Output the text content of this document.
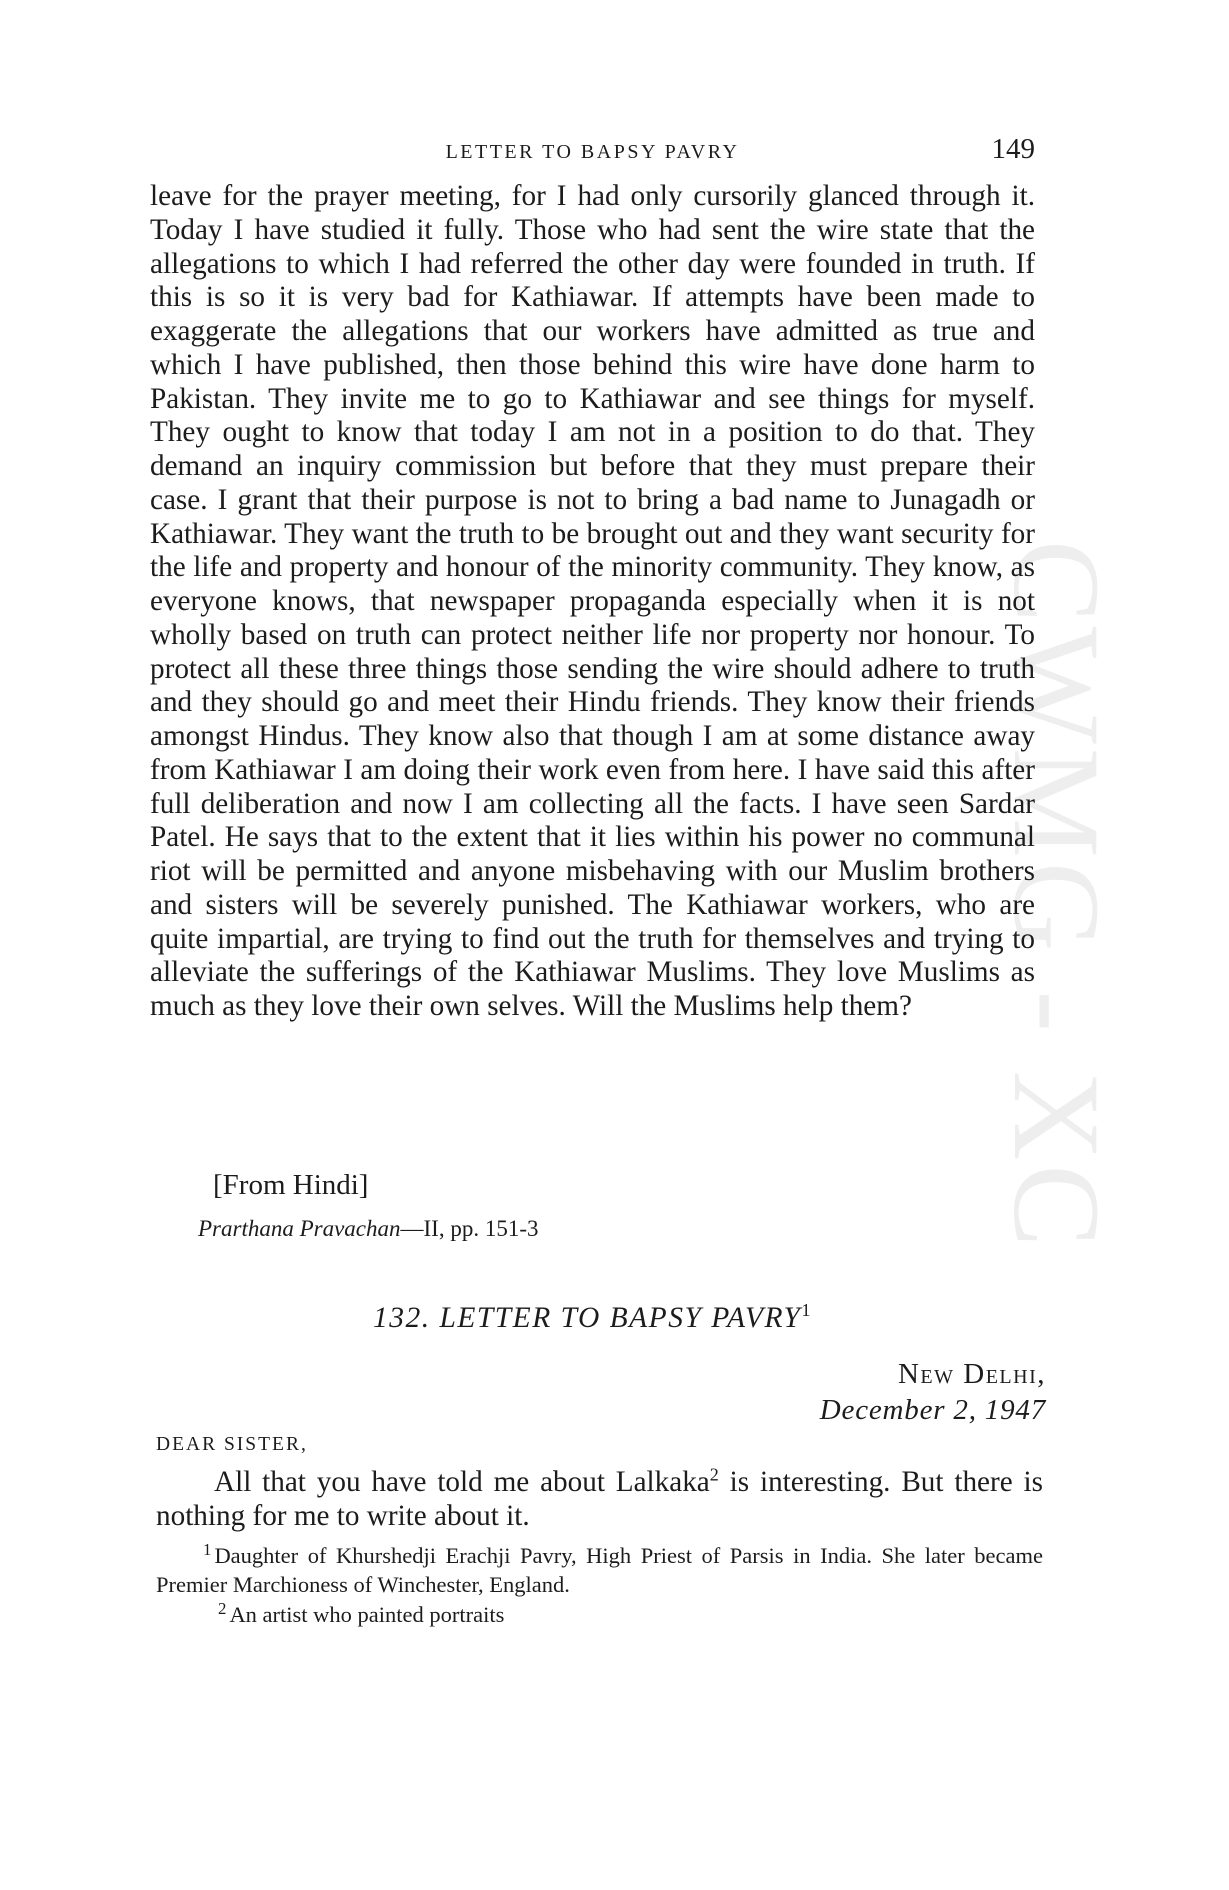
CWMG - XC
LETTER TO BAPSY PAVRY	149

leave for the prayer meeting, for I had only cursorily glanced through it. Today I have studied it fully. Those who had sent the wire state that the allegations to which I had referred the other day were founded in truth. If this is so it is very bad for Kathiawar. If attempts have been made to exaggerate the allegations that our workers have admitted as true and which I have published, then those behind this wire have done harm to Pakistan. They invite me to go to Kathiawar and see things for myself. They ought to know that today I am not in a position to do that. They demand an inquiry commission but before that they must prepare their case. I grant that their purpose is not to bring a bad name to Junagadh or Kathiawar. They want the truth to be brought out and they want security for the life and property and honour of the minority community. They know, as everyone knows, that newspaper propaganda especially when it is not wholly based on truth can protect neither life nor property nor honour. To protect all these three things those sending the wire should adhere to truth and they should go and meet their Hindu friends. They know their friends amongst Hindus. They know also that though I am at some distance away from Kathiawar I am doing their work even from here. I have said this after full deliberation and now I am collecting all the facts. I have seen Sardar Patel. He says that to the extent that it lies within his power no communal riot will be permitted and anyone misbehaving with our Muslim brothers and sisters will be severely punished. The Kathiawar workers, who are quite impartial, are trying to find out the truth for themselves and trying to alleviate the sufferings of the Kathiawar Muslims. They love Muslims as much as they love their own selves. Will the Muslims help them?

[From Hindi]
Prarthana Pravachan—II, pp. 151-3
132. LETTER TO BAPSY PAVRY$^1$
New Delhi,
December 2, 1947
DEAR SISTER,

All that you have told me about Lalkaka$^2$ is interesting. But there is nothing for me to write about it.

$^1$ Daughter of Khurshedji Erachji Pavry, High Priest of Parsis in India. She later became Premier Marchioness of Winchester, England.

$^2$ An artist who painted portraits
